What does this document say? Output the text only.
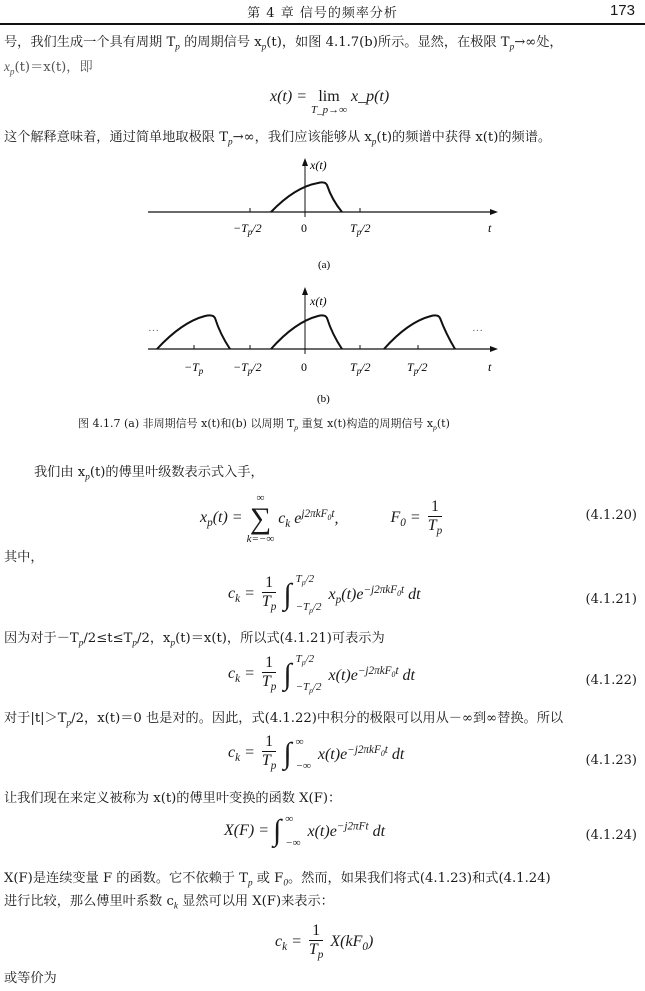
第 4 章 信号的频率分析	173
号，我们生成一个具有周期 $T_p$ 的周期信号 $x_p(t)$，如图 4.1.7(b)所示。显然，在极限 $T_p\to\infty$处，
$x_p(t)=x(t)$，即
x(t) = lim
T_p→∞
x_p(t)
这个解释意味着，通过简单地取极限 $T_p\to\infty$，我们应该能够从 $x_p(t)$的频谱中获得 x(t)的频谱。
x(t)
$-T_p/2$	0	$T_p/2$	t
(a)
···	···
x(t)
$-T_p -T_p/2$	0	$T_p/2$	$T_p/2$	t
(b)
图 4.1.7 (a) 非周期信号 x(t)和(b) 以周期 $T_p$ 重复 x(t)构造的周期信号 $x_p(t)$
我们由 $x_p(t)$的傅里叶级数表示式入手，
$x_p(t)$ =
∞
∑
k=−∞
$c_k$ $e^{j2\pi kF_0t}$,	$F_0 = \frac{1}{T_p}$	(4.1.20)
其中，
$c_k = \frac{1}{T_p}$ ∫ $T_p/2$
$-T_p/2$
$x_p(t)e^{-j2\pi kF_0t}$ dt	(4.1.21)
因为对于$-T_p/2\le t\le T_p/2$，$x_p(t)=x(t)$，所以式(4.1.21)可表示为
$c_k = \frac{1}{T_p}$ ∫ $T_p/2$
$-T_p/2$
$x(t)e^{-j2\pi kF_0t}$ dt	(4.1.22)
对于$|t|>T_p/2$，x(t)＝0 也是对的。因此，式(4.1.22)中积分的极限可以用从－∞到∞替换。所以
$c_k = \frac{1}{T_p}$ ∫ ∞
−∞
$x(t)e^{-j2\pi kF_0t}$ dt	(4.1.23)
让我们现在来定义被称为 x(t)的傅里叶变换的函数 X(F)：
X(F) = ∫ ∞
−∞
$x(t)e^{-j2\pi Ft}$ dt	(4.1.24)
X(F)是连续变量 F 的函数。它不依赖于 $T_p$ 或 $F_0$。然而，如果我们将式(4.1.23)和式(4.1.24)
进行比较，那么傅里叶系数 $c_k$ 显然可以用 X(F)来表示：
$c_k = \frac{1}{T_p} X(kF_0)$
或等价为
